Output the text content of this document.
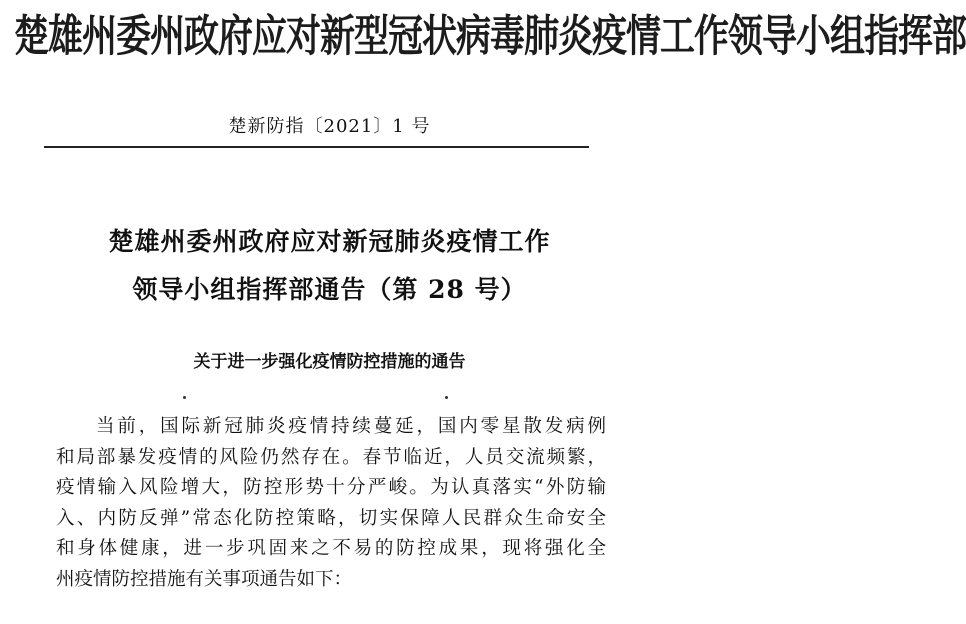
楚雄州委州政府应对新型冠状病毒肺炎疫情工作领导小组指挥部
楚新防指〔2021〕1 号
楚雄州委州政府应对新冠肺炎疫情工作
领导小组指挥部通告（第 28 号）
关于进一步强化疫情防控措施的通告
当前，国际新冠肺炎疫情持续蔓延，国内零星散发病例
和局部暴发疫情的风险仍然存在。春节临近，人员交流频繁，
疫情输入风险增大，防控形势十分严峻。为认真落实“外防输
入、内防反弹”常态化防控策略，切实保障人民群众生命安全
和身体健康，进一步巩固来之不易的防控成果，现将强化全
州疫情防控措施有关事项通告如下：
